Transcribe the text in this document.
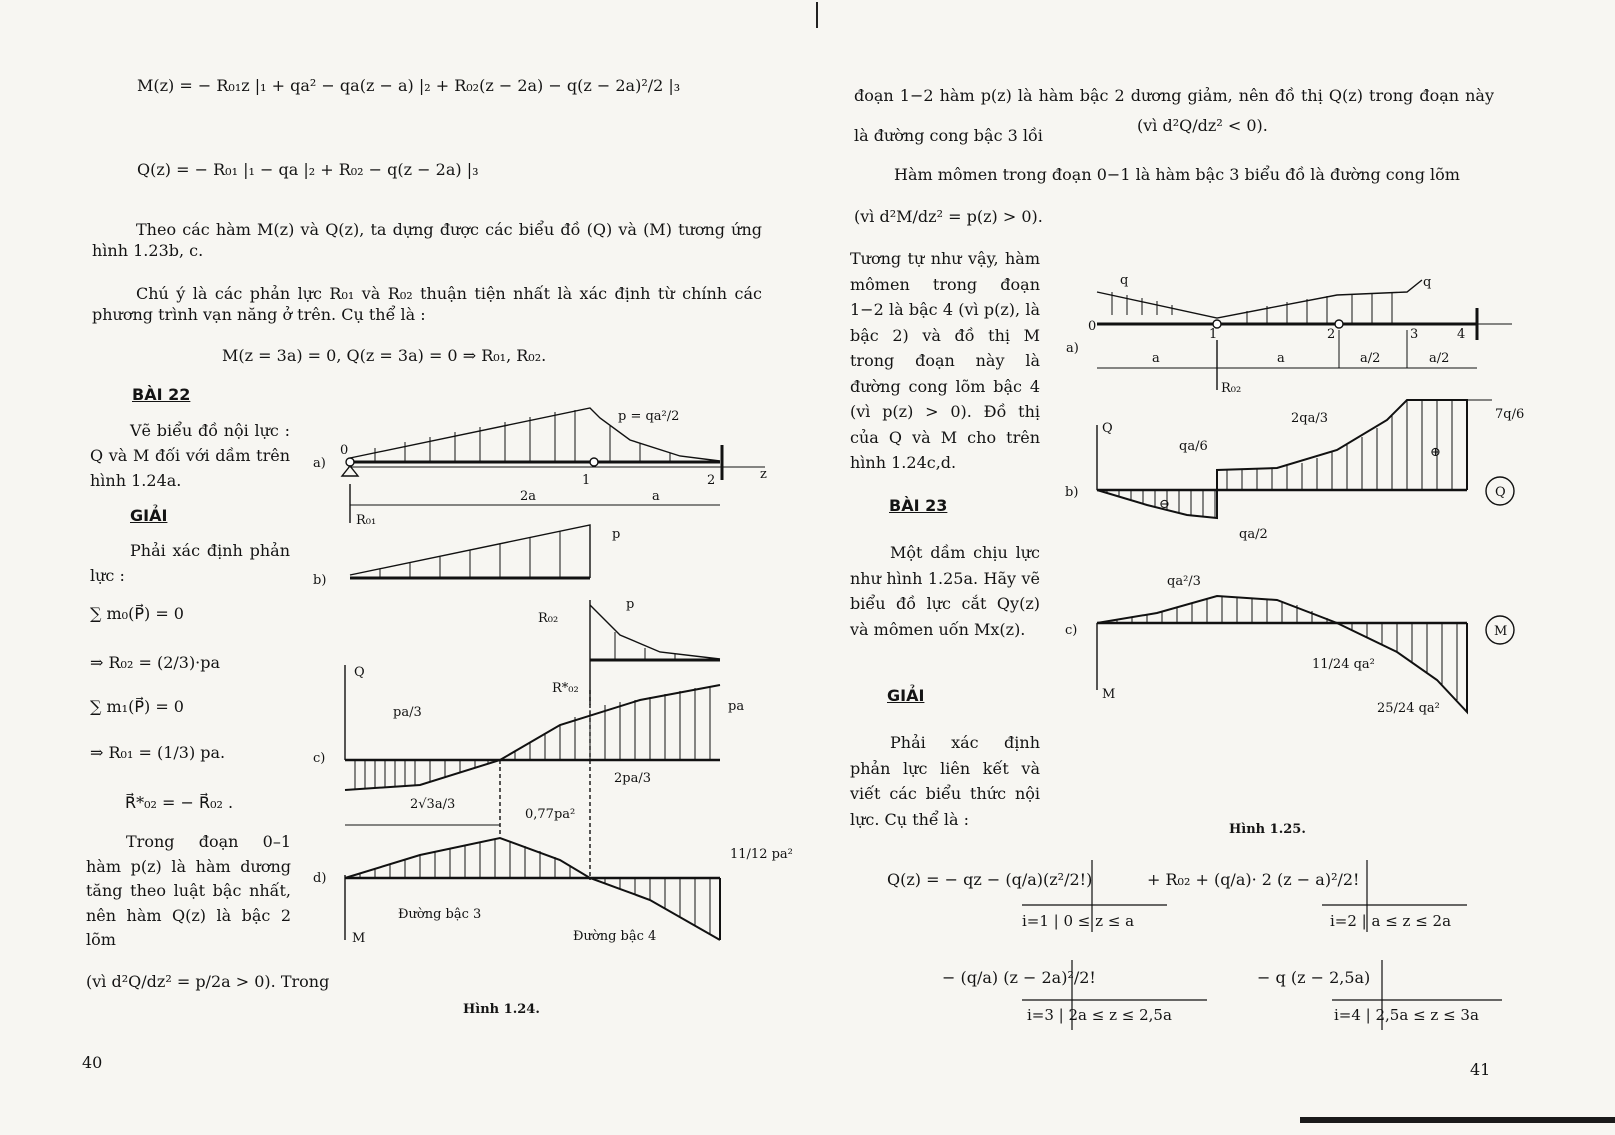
M(z) = − R₀₁z |₁ + qa² − qa(z − a) |₂ + R₀₂(z − 2a) − q(z − 2a)²/2 |₃
Q(z) = − R₀₁ |₁ − qa |₂ + R₀₂ − q(z − 2a) |₃
Theo các hàm M(z) và Q(z), ta dựng được các biểu đồ (Q) và (M) tương ứng hình 1.23b, c.
Chú ý là các phản lực R₀₁ và R₀₂ thuận tiện nhất là xác định từ chính các phương trình vạn năng ở trên. Cụ thể là :
M(z = 3a) = 0, Q(z = 3a) = 0 ⇒ R₀₁, R₀₂.
BÀI 22
Vẽ biểu đồ nội lực : Q và M đối với dầm trên hình 1.24a.
GIẢI
Phải xác định phản lực :
∑ m₀(P⃗) = 0
⇒ R₀₂ = (2/3)·pa
∑ m₁(P⃗) = 0
⇒ R₀₁ = (1/3) pa.
R⃗*₀₂ = − R⃗₀₂ .
Trong đoạn 0–1 hàm p(z) là hàm dương tăng theo luật bậc nhất, nên hàm Q(z) là bậc 2 lõm
(vì d²Q/dz² = p/2a > 0). Trong
Hình 1.24.
40
a)
0
1	2	z
p = qa²/2
2a	a
R₀₁
b)
p
p
R₀₂
R*₀₂
Q
c)
pa/3	pa
2√3a/3
2pa/3
0,77pa²
11/12 pa²
d)
M
Đường bậc 3
Đường bậc 4
đoạn 1−2 hàm p(z) là hàm bậc 2 dương giảm, nên đồ thị Q(z) trong đoạn này là đường cong bậc 3 lồi
(vì d²Q/dz² < 0).
Hàm mômen trong đoạn 0−1 là hàm bậc 3 biểu đồ là đường cong lõm
(vì d²M/dz² = p(z) > 0).
Tương tự như vậy, hàm mômen trong đoạn 1−2 là bậc 4 (vì p(z), là bậc 2) và đồ thị M trong đoạn này là đường cong lõm bậc 4 (vì p(z) > 0). Đồ thị của Q và M cho trên hình 1.24c,d.
BÀI 23
Một dầm chịu lực như hình 1.25a. Hãy vẽ biểu đồ lực cắt Qy(z) và mômen uốn Mx(z).
GIẢI
Phải xác định phản lực liên kết và viết các biểu thức nội lực. Cụ thể là :
Hình 1.25.
Q(z) = − qz − (q/a)(z²/2!)
i=1 | 0 ≤ z ≤ a
+ R₀₂ + (q/a)· 2 (z − a)²/2!
i=2 | a ≤ z ≤ 2a
− (q/a) (z − 2a)²/2!
i=3 | 2a ≤ z ≤ 2,5a
− q (z − 2,5a)
i=4 | 2,5a ≤ z ≤ 3a
41
a)
q	q
0
1	2	3	4
a	a	a/2	a/2
R₀₂
Q
b)
qa/6
qa/2
2qa/3	7q/6
⊕
⊖
Q
c)
qa²/3
11/24 qa²
25/24 qa²
M
M
